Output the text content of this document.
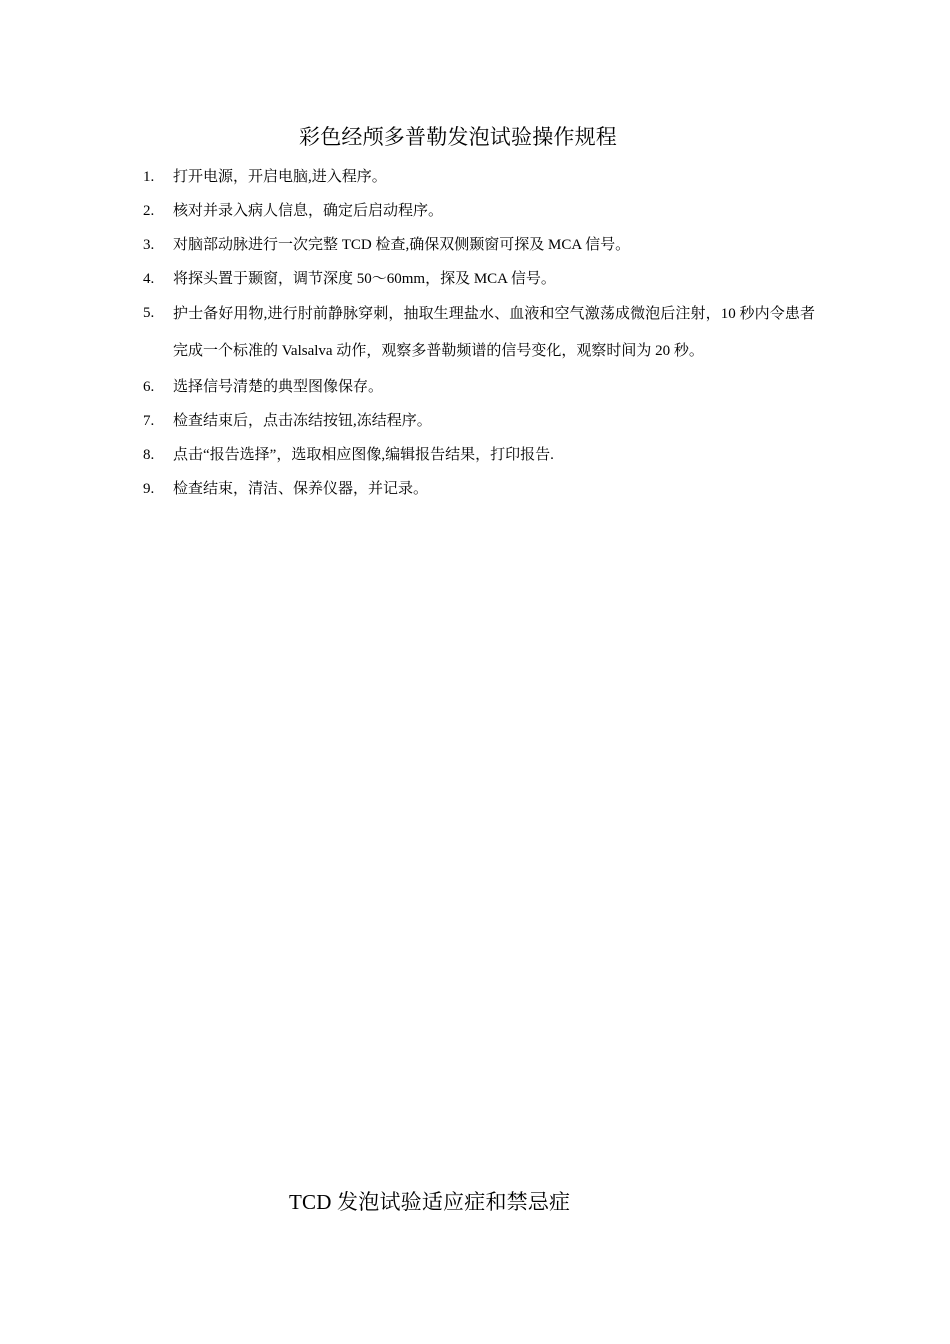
彩色经颅多普勒发泡试验操作规程
1.	打开电源，开启电脑,进入程序。
2.	核对并录入病人信息，确定后启动程序。
3.	对脑部动脉进行一次完整 TCD 检查,确保双侧颞窗可探及 MCA 信号。
4.	将探头置于颞窗，调节深度 50～60mm，探及 MCA 信号。
5.	护士备好用物,进行肘前静脉穿刺，抽取生理盐水、血液和空气激荡成微泡后注射，10 秒内令患者完成一个标准的 Valsalva 动作，观察多普勒频谱的信号变化，观察时间为 20 秒。
6.	选择信号清楚的典型图像保存。
7.	检查结束后，点击冻结按钮,冻结程序。
8.	点击“报告选择”，选取相应图像,编辑报告结果，打印报告.
9.	检查结束，清洁、保养仪器，并记录。
TCD 发泡试验适应症和禁忌症
